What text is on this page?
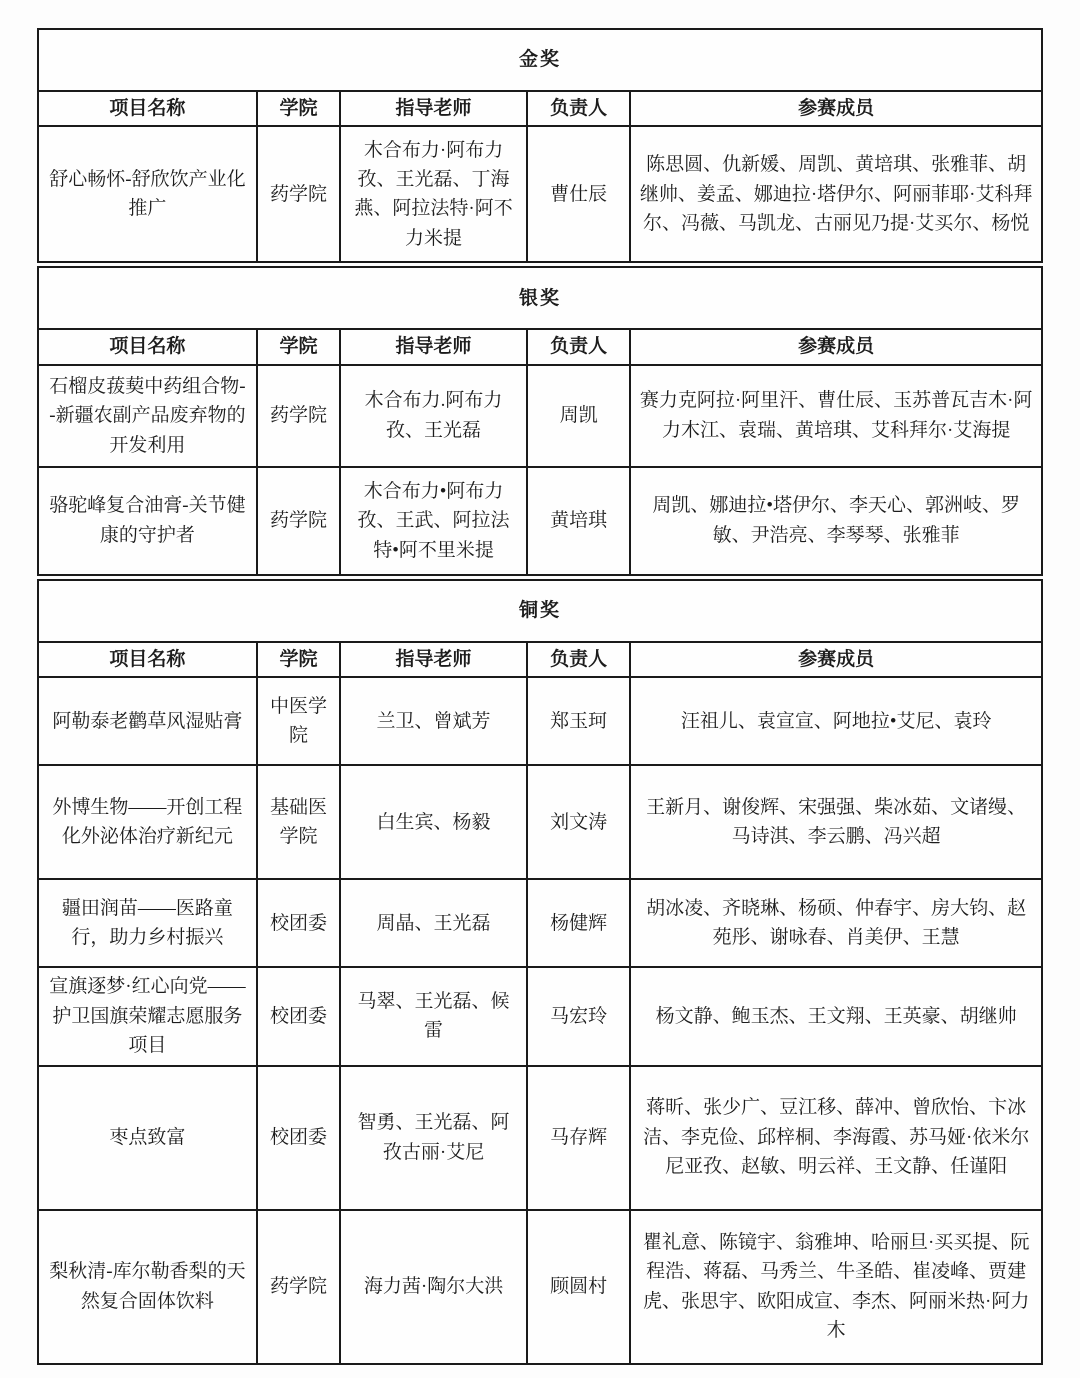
金奖				
项目名称	学院	指导老师	负责人	参赛成员
舒心畅怀-舒欣饮产业化推广	药学院	木合布力·阿布力孜、王光磊、丁海燕、阿拉法特·阿不力米提	曹仕辰	陈思圆、仇新媛、周凯、黄培琪、张雅菲、胡继帅、姜孟、娜迪拉·塔伊尔、阿丽菲耶·艾科拜尔、冯薇、马凯龙、古丽见乃提·艾买尔、杨悦
银奖				
项目名称	学院	指导老师	负责人	参赛成员
石榴皮菝葜中药组合物--新疆农副产品废弃物的开发利用	药学院	木合布力.阿布力孜、王光磊	周凯	赛力克阿拉·阿里汗、曹仕辰、玉苏普瓦吉木·阿力木江、袁瑞、黄培琪、艾科拜尔·艾海提
骆驼峰复合油膏-关节健康的守护者	药学院	木合布力•阿布力孜、王武、阿拉法特•阿不里米提	黄培琪	周凯、娜迪拉•塔伊尔、李天心、郭洲岐、罗敏、尹浩亮、李琴琴、张雅菲
铜奖				
项目名称	学院	指导老师	负责人	参赛成员
阿勒泰老鹳草风湿贴膏	中医学院	兰卫、曾斌芳	郑玉珂	汪祖儿、袁宣宣、阿地拉•艾尼、袁玲
外博生物——开创工程化外泌体治疗新纪元	基础医学院	白生宾、杨毅	刘文涛	王新月、谢俊辉、宋强强、柴冰茹、文诸缦、马诗淇、李云鹏、冯兴超
疆田润苗——医路童行，助力乡村振兴	校团委	周晶、王光磊	杨健辉	胡冰凌、齐晓琳、杨硕、仲春宇、房大钧、赵苑彤、谢咏春、肖美伊、王慧
宣旗逐梦·红心向党——护卫国旗荣耀志愿服务项目	校团委	马翠、王光磊、候雷	马宏玲	杨文静、鲍玉杰、王文翔、王英豪、胡继帅
枣点致富	校团委	智勇、王光磊、阿孜古丽·艾尼	马存辉	蒋昕、张少广、豆江移、薛冲、曾欣怡、卞冰洁、李克俭、邱梓桐、李海霞、苏马娅·依米尔尼亚孜、赵敏、明云祥、王文静、任谨阳
梨秋清-库尔勒香梨的天然复合固体饮料	药学院	海力茜·陶尔大洪	顾圆村	瞿礼意、陈镜宇、翁雅坤、哈丽旦·买买提、阮程浩、蒋磊、马秀兰、牛圣皓、崔凌峰、贾建虎、张思宇、欧阳成宣、李杰、阿丽米热·阿力木
